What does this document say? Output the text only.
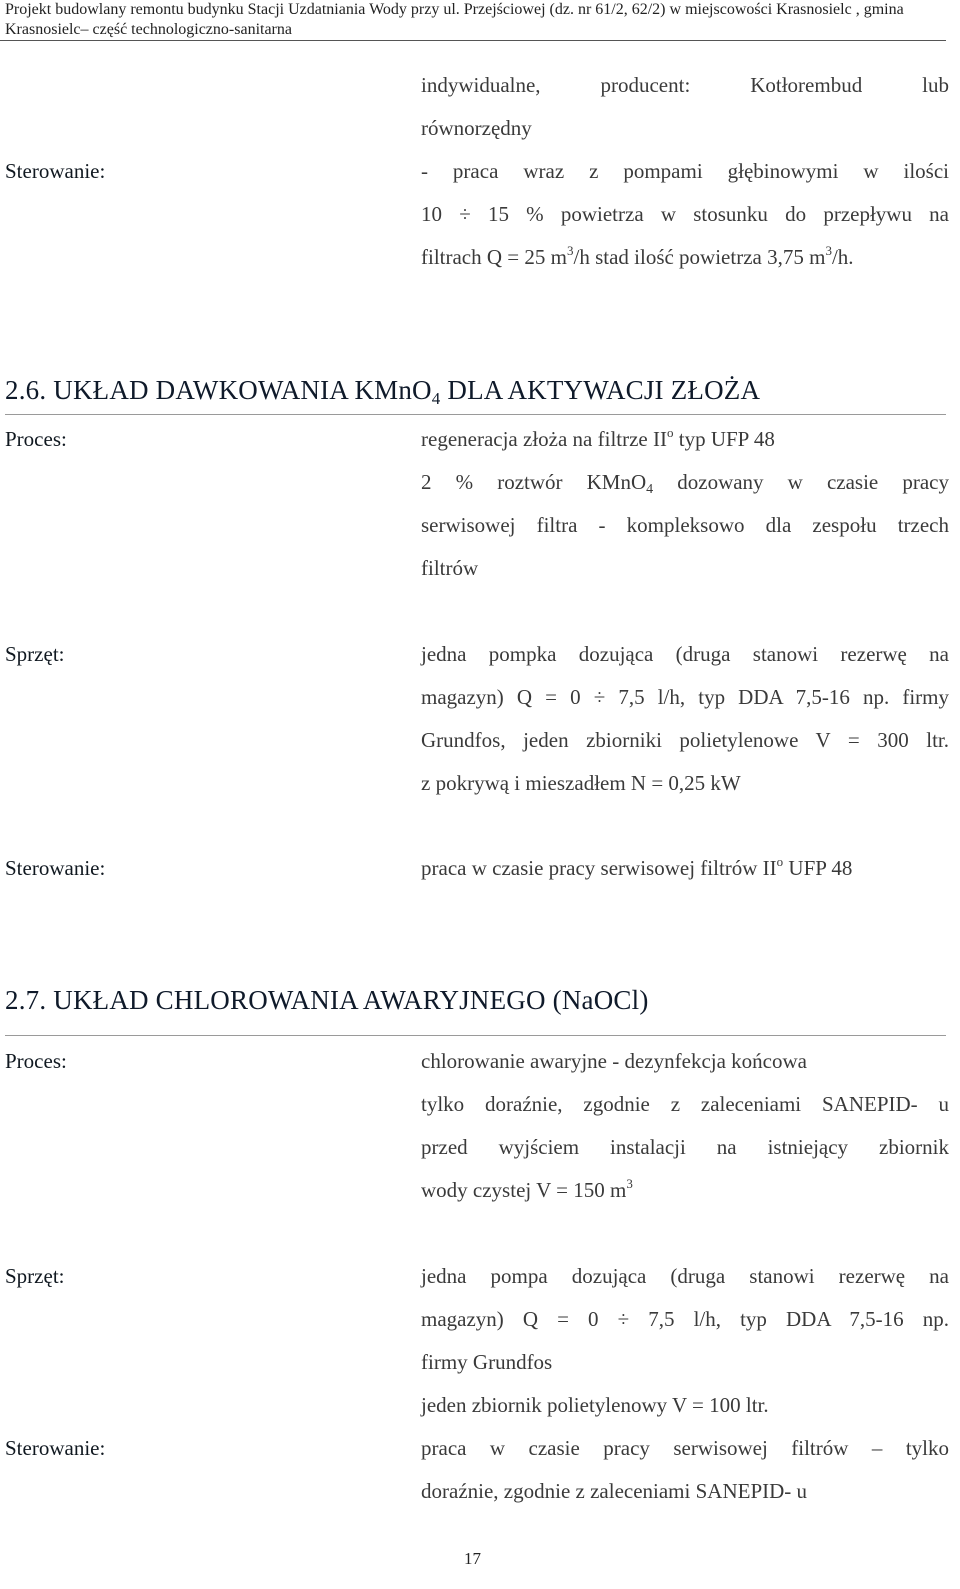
Projekt budowlany remontu budynku Stacji Uzdatniania Wody przy ul. Przejściowej (dz. nr 61/2, 62/2) w miejscowości Krasnosielc , gmina
Krasnosielc– część technologiczno-sanitarna

indywidualne,	producent:	Kotłorembud	lub

równorzędny

Sterowanie:	- praca wraz z pompami głębinowymi w ilości

10 ÷ 15 % powietrza w stosunku do przepływu na

filtrach Q = 25 $m^3/h$ stad ilość powietrza 3,75 $m^3/h$.

2.6. UKŁAD DAWKOWANIA KMnO$_4$ DLA AKTYWACJI ZŁOŻA
Proces:	regeneracja złoża na filtrze $II^o$ typ UFP 48

2 % roztwór KMnO$_4$ dozowany w czasie pracy

serwisowej filtra - kompleksowo dla zespołu trzech

filtrów

Sprzęt:	jedna pompka dozująca (druga stanowi rezerwę na

magazyn) Q = 0 ÷ 7,5 l/h, typ DDA 7,5-16 np. firmy

Grundfos, jeden zbiorniki polietylenowe V = 300 ltr.

z pokrywą i mieszadłem N = 0,25 kW

Sterowanie:	praca w czasie pracy serwisowej filtrów $II^o$ UFP 48

2.7. UKŁAD CHLOROWANIA AWARYJNEGO (NaOCl)
Proces:	chlorowanie awaryjne - dezynfekcja końcowa

tylko doraźnie, zgodnie z zaleceniami SANEPID- u

przed wyjściem instalacji na istniejący zbiornik

wody czystej V = 150 $m^3$

Sprzęt:	jedna pompa dozująca (druga stanowi rezerwę na

magazyn) Q = 0 ÷ 7,5 l/h, typ DDA 7,5-16 np.

firmy Grundfos

jeden zbiornik polietylenowy V = 100 ltr.

Sterowanie:	praca w czasie pracy serwisowej filtrów – tylko

doraźnie, zgodnie z zaleceniami SANEPID- u

17
